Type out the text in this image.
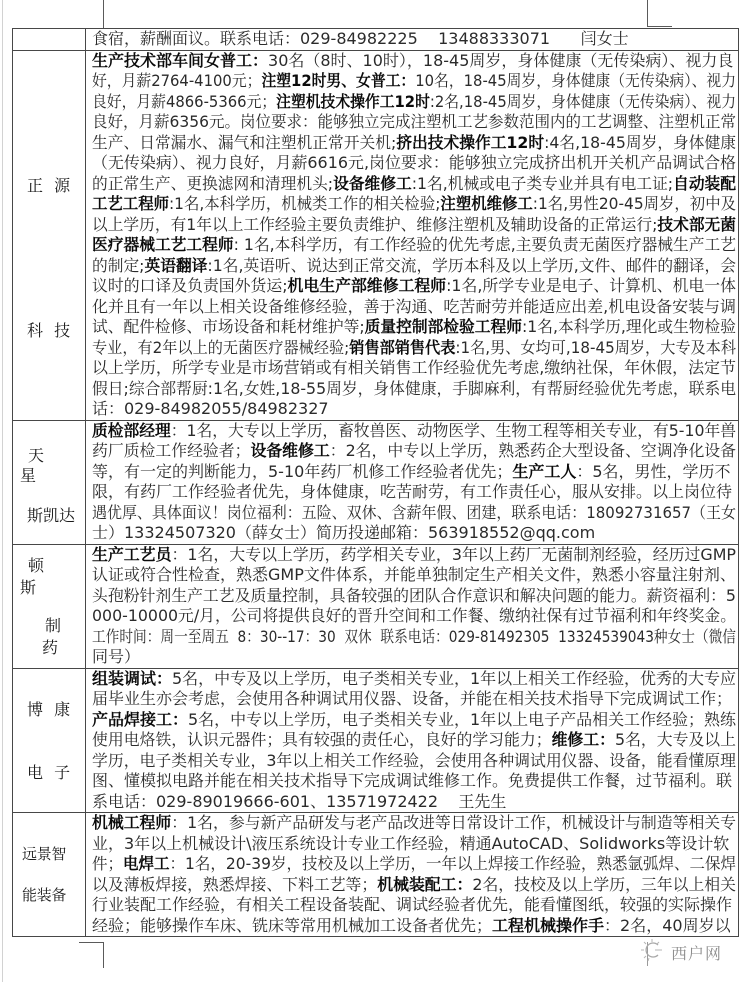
食宿，薪酬面议。联系电话：029-84982225    13488333071      闫女士
正 源
科 技
生产技术部车间女普工：30名（8时、10时），18-45周岁，身体健康（无传染病）、视力良
好，月薪2764-4100元；注塑12时男、女普工：10名，18-45周岁，身体健康（无传染病）、视力
良好，月薪4866-5366元；注塑机技术操作工12时:2名,18-45周岁，身体健康（无传染病）、视力
良好，月薪6356元。岗位要求：能够独立完成注塑机工艺参数范围内的工艺调整、注塑机正常
生产、日常漏水、漏气和注塑机正常开关机;挤出技术操作工12时:4名,18-45周岁，身体健康
（无传染病）、视力良好，月薪6616元,岗位要求：能够独立完成挤出机开关机产品调试合格
的正常生产、更换滤网和清理机头;设备维修工:1名,机械或电子类专业并具有电工证;自动装配
工艺工程师:1名,本科学历，机械类工作的相关检验;注塑机维修工:1名,男性20-45周岁，初中及
以上学历，有1年以上工作经验主要负责维护、维修注塑机及辅助设备的正常运行;技术部无菌
医疗器械工艺工程师: 1名,本科学历，有工作经验的优先考虑,主要负责无菌医疗器械生产工艺
的制定;英语翻译:1名,英语听、说达到正常交流，学历本科及以上学历,文件、邮件的翻译，会
议时的口译及负责国外货运;机电生产部维修工程师:1名,所学专业是电子、计算机、机电一体
化并且有一年以上相关设备维修经验，善于沟通、吃苦耐劳并能适应出差,机电设备安装与调
试、配件检修、市场设备和耗材维护等;质量控制部检验工程师:1名,本科学历,理化或生物检验
专业，有2年以上的无菌医疗器械经验;销售部销售代表:1名,男、女均可,18-45周岁，大专及本科
以上学历，所学专业是市场营销或有相关销售工作经验优先考虑,缴纳社保，年休假，法定节
假日;综合部帮厨:1名,女姓,18-55周岁，身体健康，手脚麻利，有帮厨经验优先考虑，联系电
话：029-84982055/84982327
天
星
斯凯达
质检部经理：1名，大专以上学历，畜牧兽医、动物医学、生物工程等相关专业，有5-10年兽
药厂质检工作经验者；设备维修工：2名，中专以上学历，熟悉药企大型设备、空调净化设备
等，有一定的判断能力，5-10年药厂机修工作经验者优先；生产工人：5名，男性，学历不
限，有药厂工作经验者优先，身体健康，吃苦耐劳，有工作责任心，服从安排。以上岗位待
遇优厚、具体面议！岗位福利：五险、双休、含薪年假、团建，联系电话：18092731657（王女
士）13324507320（薛女士）简历投递邮箱：563918552@qq.com
顿
斯
制
药
生产工艺员：1名，大专以上学历，药学相关专业，3年以上药厂无菌制剂经验，经历过GMP
认证或符合性检查，熟悉GMP文件体系，并能单独制定生产相关文件，熟悉小容量注射剂、
头孢粉针剂生产工艺及质量控制，具备较强的团队合作意识和解决问题的能力。薪资福利：5
000-10000元/月，公司将提供良好的晋升空间和工作餐、缴纳社保有过节福利和年终奖金。
工作时间：周一至周五  8：30--17：30  双休  联系电话：029-81492305  13324539043种女士（微信
同号）
博 康
电 子
组装调试：5名，中专及以上学历，电子类相关专业，1年以上相关工作经验，优秀的大专应
届毕业生亦会考虑，会使用各种调试用仪器、设备，并能在相关技术指导下完成调试工作；
产品焊接工：5名，中专以上学历，电子类相关专业，1年以上电子产品相关工作经验；熟练
使用电烙铁，认识元器件；具有较强的责任心，良好的学习能力；维修工：5名，大专及以上
学历，电子类相关专业，3年以上相关工作经验，会使用各种调试用仪器、设备，能看懂原理
图、懂模拟电路并能在相关技术指导下完成调试维修工作。免费提供工作餐，过节福利。联
系电话：029-89019666-601、13571972422    王先生
远景智
能装备
机械工程师：1名，参与新产品研发与老产品改进等日常设计工作，机械设计与制造等相关专
业，3年以上机械设计\液压系统设计专业工作经验，精通AutoCAD、Solidworks等设计软
件；电焊工：1名，20-39岁，技校及以上学历，一年以上焊接工作经验，熟悉氩弧焊、二保焊
以及薄板焊接，熟悉焊接、下料工艺等；机械装配工：2名，技校及以上学历，三年以上相关
行业装配工作经验，有相关工程设备装配、调试经验者优先，能看懂图纸，较强的实际操作
经验；能够操作车床、铣床等常用机械加工设备者优先；工程机械操作手：2名，40周岁以
西户网
